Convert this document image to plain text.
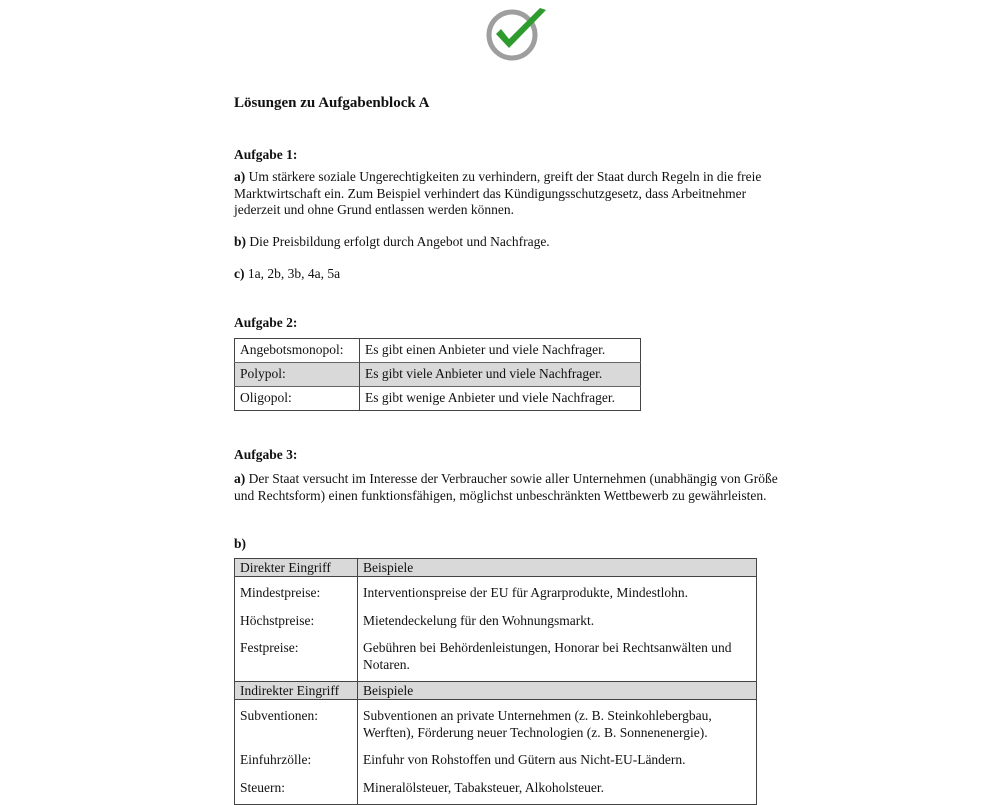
Lösungen zu Aufgabenblock A
Aufgabe 1:
a) Um stärkere soziale Ungerechtigkeiten zu verhindern, greift der Staat durch Regeln in die freie Marktwirtschaft ein. Zum Beispiel verhindert das Kündigungsschutzgesetz, dass Arbeitnehmer jederzeit und ohne Grund entlassen werden können.
b) Die Preisbildung erfolgt durch Angebot und Nachfrage.
c) 1a, 2b, 3b, 4a, 5a
Aufgabe 2:
Angebotsmonopol:	Es gibt einen Anbieter und viele Nachfrager.
Polypol:	Es gibt viele Anbieter und viele Nachfrager.
Oligopol:	Es gibt wenige Anbieter und viele Nachfrager.
Aufgabe 3:
a) Der Staat versucht im Interesse der Verbraucher sowie aller Unternehmen (unabhängig von Größe und Rechtsform) einen funktionsfähigen, möglichst unbeschränkten Wettbewerb zu gewährleisten.
b)
Direkter Eingriff	Beispiele
Mindestpreise:	Interventionspreise der EU für Agrarprodukte, Mindestlohn.
Höchstpreise:	Mietendeckelung für den Wohnungsmarkt.
Festpreise:	Gebühren bei Behördenleistungen, Honorar bei Rechtsanwälten und Notaren.
Indirekter Eingriff	Beispiele
Subventionen:	Subventionen an private Unternehmen (z. B. Steinkohlebergbau, Werften), Förderung neuer Technologien (z. B. Sonnenenergie).
Einfuhrzölle:	Einfuhr von Rohstoffen und Gütern aus Nicht-EU-Ländern.
Steuern:	Mineralölsteuer, Tabaksteuer, Alkoholsteuer.
